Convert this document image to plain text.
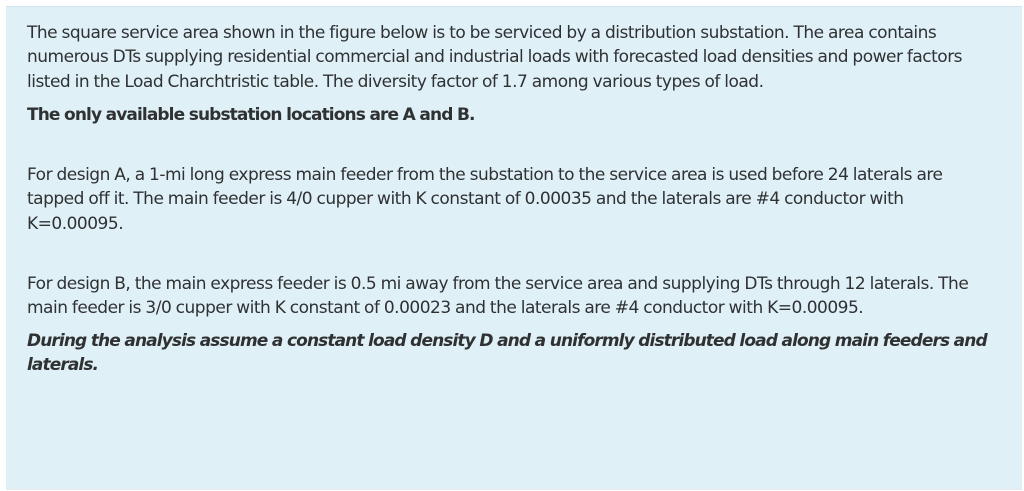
The square service area shown in the figure below is to be serviced by a distribution substation. The area contains numerous DTs supplying residential commercial and industrial loads with forecasted load densities and power factors listed in the Load Charchtristic table. The diversity factor of 1.7 among various types of load.

The only available substation locations are A and B.

For design A, a 1-mi long express main feeder from the substation to the service area is used before 24 laterals are tapped off it. The main feeder is 4/0 cupper with K constant of 0.00035 and the laterals are #4 conductor with K=0.00095.

For design B, the main express feeder is 0.5 mi away from the service area and supplying DTs through 12 laterals. The main feeder is 3/0 cupper with K constant of 0.00023 and the laterals are #4 conductor with K=0.00095.

During the analysis assume a constant load density D and a uniformly distributed load along main feeders and laterals.
